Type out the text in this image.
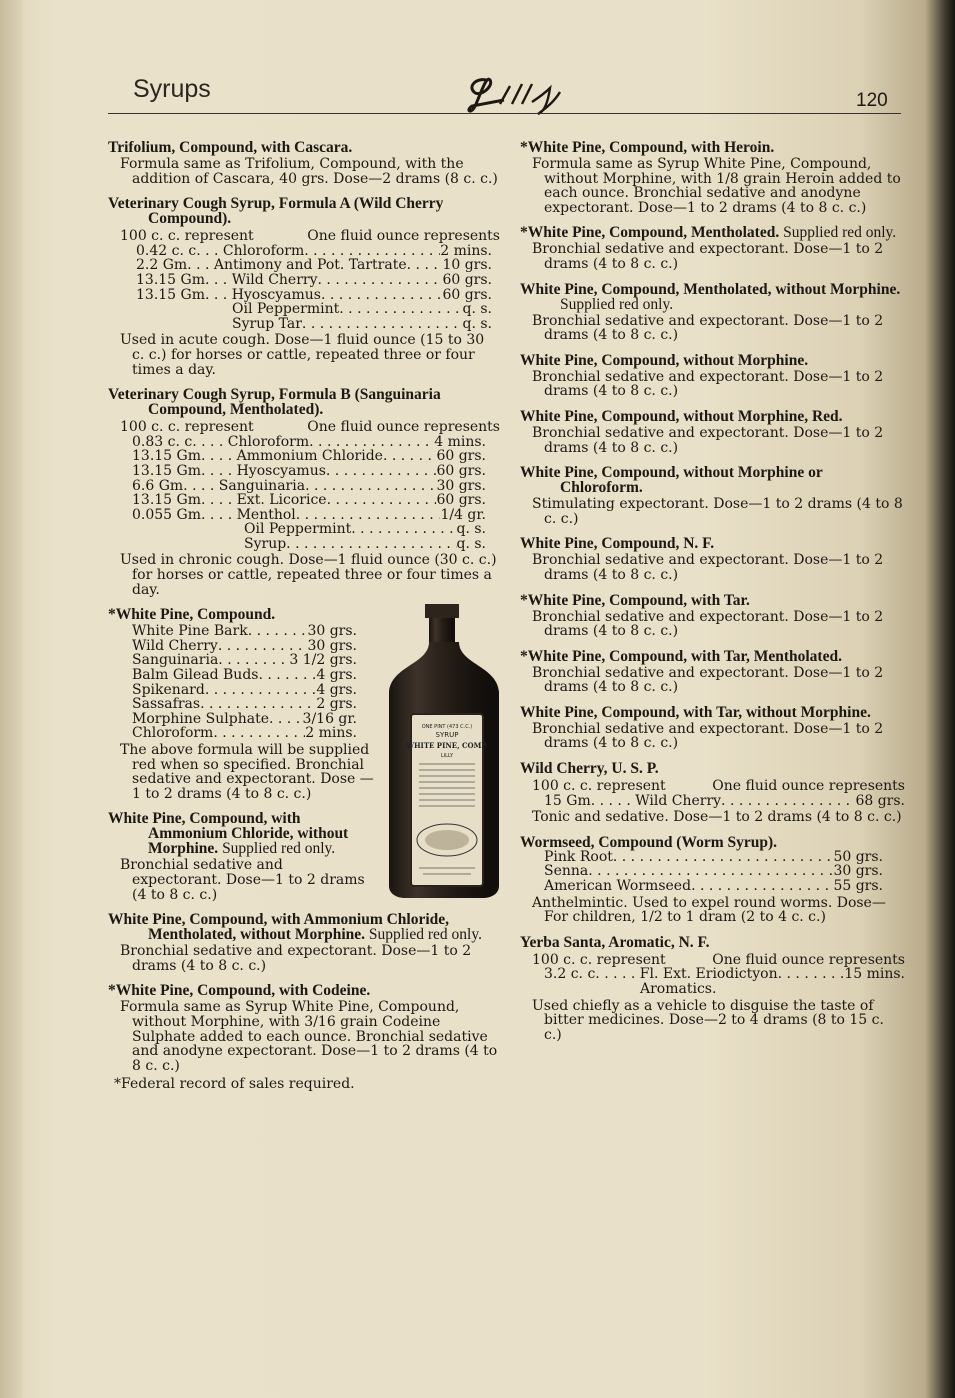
Syrups	120
Trifolium, Compound, with Cascara.
Formula same as Trifolium, Compound, with the addition of Cascara, 40 grs. Dose—2 drams (8 c. c.)
Veterinary Cough Syrup, Formula A (Wild Cherry Compound).
100 c. c. represent	One fluid ounce represents
0.42 c. c. . . Chloroform . . .	2 mins.
2.2 Gm. . . Antimony and Pot. Tartrate . . .	10 grs.
13.15 Gm. . . Wild Cherry . . .	60 grs.
13.15 Gm. . . Hyoscyamus . . .	60 grs.
Oil Peppermint . . .	q. s.
Syrup Tar . . .	q. s.
Used in acute cough. Dose—1 fluid ounce (15 to 30 c. c.) for horses or cattle, repeated three or four times a day.
Veterinary Cough Syrup, Formula B (Sanguinaria Compound, Mentholated).
100 c. c. represent	One fluid ounce represents
0.83 c. c. . . . Chloroform . . .	4 mins.
13.15 Gm. . . . Ammonium Chloride . . .	60 grs.
13.15 Gm. . . . Hyoscyamus . . .	60 grs.
6.6 Gm. . . . Sanguinaria . . .	30 grs.
13.15 Gm. . . . Ext. Licorice . . .	60 grs.
0.055 Gm. . . . Menthol . . .	1/4 gr.
Oil Peppermint . . .	q. s.
Syrup . . .	q. s.
Used in chronic cough. Dose—1 fluid ounce (30 c. c.) for horses or cattle, repeated three or four times a day.
*White Pine, Compound.
White Pine Bark . . .	30 grs.
Wild Cherry . . .	30 grs.
Sanguinaria . . .	3 1/2 grs.
Balm Gilead Buds . . .	4 grs.
Spikenard . . .	4 grs.
Sassafras . . .	2 grs.
Morphine Sulphate . . . 3/16 gr.
Chloroform . . .	2 mins.
The above formula will be supplied red when so specified. Bronchial sedative and expectorant. Dose —1 to 2 drams (4 to 8 c. c.)
White Pine, Compound, with Ammonium Chloride, without Morphine. Supplied red only.
Bronchial sedative and expectorant. Dose—1 to 2 drams (4 to 8 c. c.)
White Pine, Compound, with Ammonium Chloride, Mentholated, without Morphine. Supplied red only.
Bronchial sedative and expectorant. Dose—1 to 2 drams (4 to 8 c. c.)
*White Pine, Compound, with Codeine.
Formula same as Syrup White Pine, Compound, without Morphine, with 3/16 grain Codeine Sulphate added to each ounce. Bronchial sedative and anodyne expectorant. Dose—1 to 2 drams (4 to 8 c. c.)
*Federal record of sales required.
ONE PINT (473 C.C.)
SYRUP
WHITE PINE, COMP.
LILLY
*White Pine, Compound, with Heroin.
Formula same as Syrup White Pine, Compound, without Morphine, with 1/8 grain Heroin added to each ounce. Bronchial sedative and anodyne expectorant. Dose—1 to 2 drams (4 to 8 c. c.)
*White Pine, Compound, Mentholated. Supplied red only.
Bronchial sedative and expectorant. Dose—1 to 2 drams (4 to 8 c. c.)
White Pine, Compound, Mentholated, without Morphine. Supplied red only.
Bronchial sedative and expectorant. Dose—1 to 2 drams (4 to 8 c. c.)
White Pine, Compound, without Morphine.
Bronchial sedative and expectorant. Dose—1 to 2 drams (4 to 8 c. c.)
White Pine, Compound, without Morphine, Red.
Bronchial sedative and expectorant. Dose—1 to 2 drams (4 to 8 c. c.)
White Pine, Compound, without Morphine or Chloroform.
Stimulating expectorant. Dose—1 to 2 drams (4 to 8 c. c.)
White Pine, Compound, N. F.
Bronchial sedative and expectorant. Dose—1 to 2 drams (4 to 8 c. c.)
*White Pine, Compound, with Tar.
Bronchial sedative and expectorant. Dose—1 to 2 drams (4 to 8 c. c.)
*White Pine, Compound, with Tar, Mentholated.
Bronchial sedative and expectorant. Dose—1 to 2 drams (4 to 8 c. c.)
White Pine, Compound, with Tar, without Morphine.
Bronchial sedative and expectorant. Dose—1 to 2 drams (4 to 8 c. c.)
Wild Cherry, U. S. P.
100 c. c. represent	One fluid ounce represents
15 Gm. . . . . Wild Cherry . . .	68 grs.
Tonic and sedative. Dose—1 to 2 drams (4 to 8 c. c.)
Wormseed, Compound (Worm Syrup).
Pink Root . . .	50 grs.
Senna . . .	30 grs.
American Wormseed . . .	55 grs.
Anthelmintic. Used to expel round worms. Dose—For children, 1/2 to 1 dram (2 to 4 c. c.)
Yerba Santa, Aromatic, N. F.
100 c. c. represent	One fluid ounce represents
3.2 c. c. . . . . Fl. Ext. Eriodictyon . . .	15 mins.
Aromatics.
Used chiefly as a vehicle to disguise the taste of bitter medicines. Dose—2 to 4 drams (8 to 15 c. c.)
